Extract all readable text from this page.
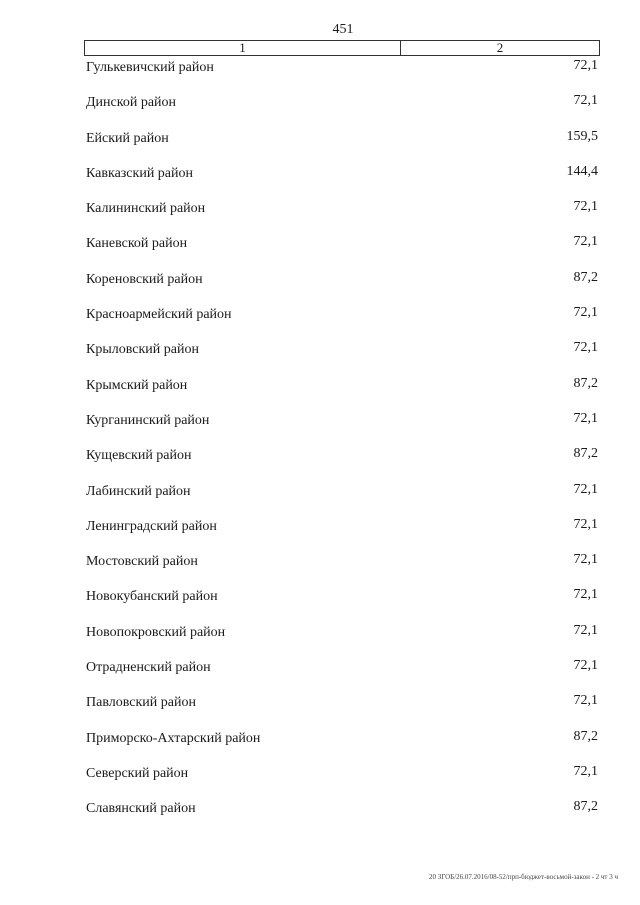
451
1	2
Гулькевичский район	72,1
Динской район	72,1
Ейский район	159,5
Кавказский район	144,4
Калининский район	72,1
Каневской район	72,1
Кореновский район	87,2
Красноармейский район	72,1
Крыловский район	72,1
Крымский район	87,2
Курганинский район	72,1
Кущевский район	87,2
Лабинский район	72,1
Ленинградский район	72,1
Мостовский район	72,1
Новокубанский район	72,1
Новопокровский район	72,1
Отрадненский район	72,1
Павловский район	72,1
Приморско-Ахтарский район	87,2
Северский район	72,1
Славянский район	87,2
20 ЗГОБ/26.07.2016/08-52/прп-бюджет-восьмой-закон - 2 чт 3 ч
